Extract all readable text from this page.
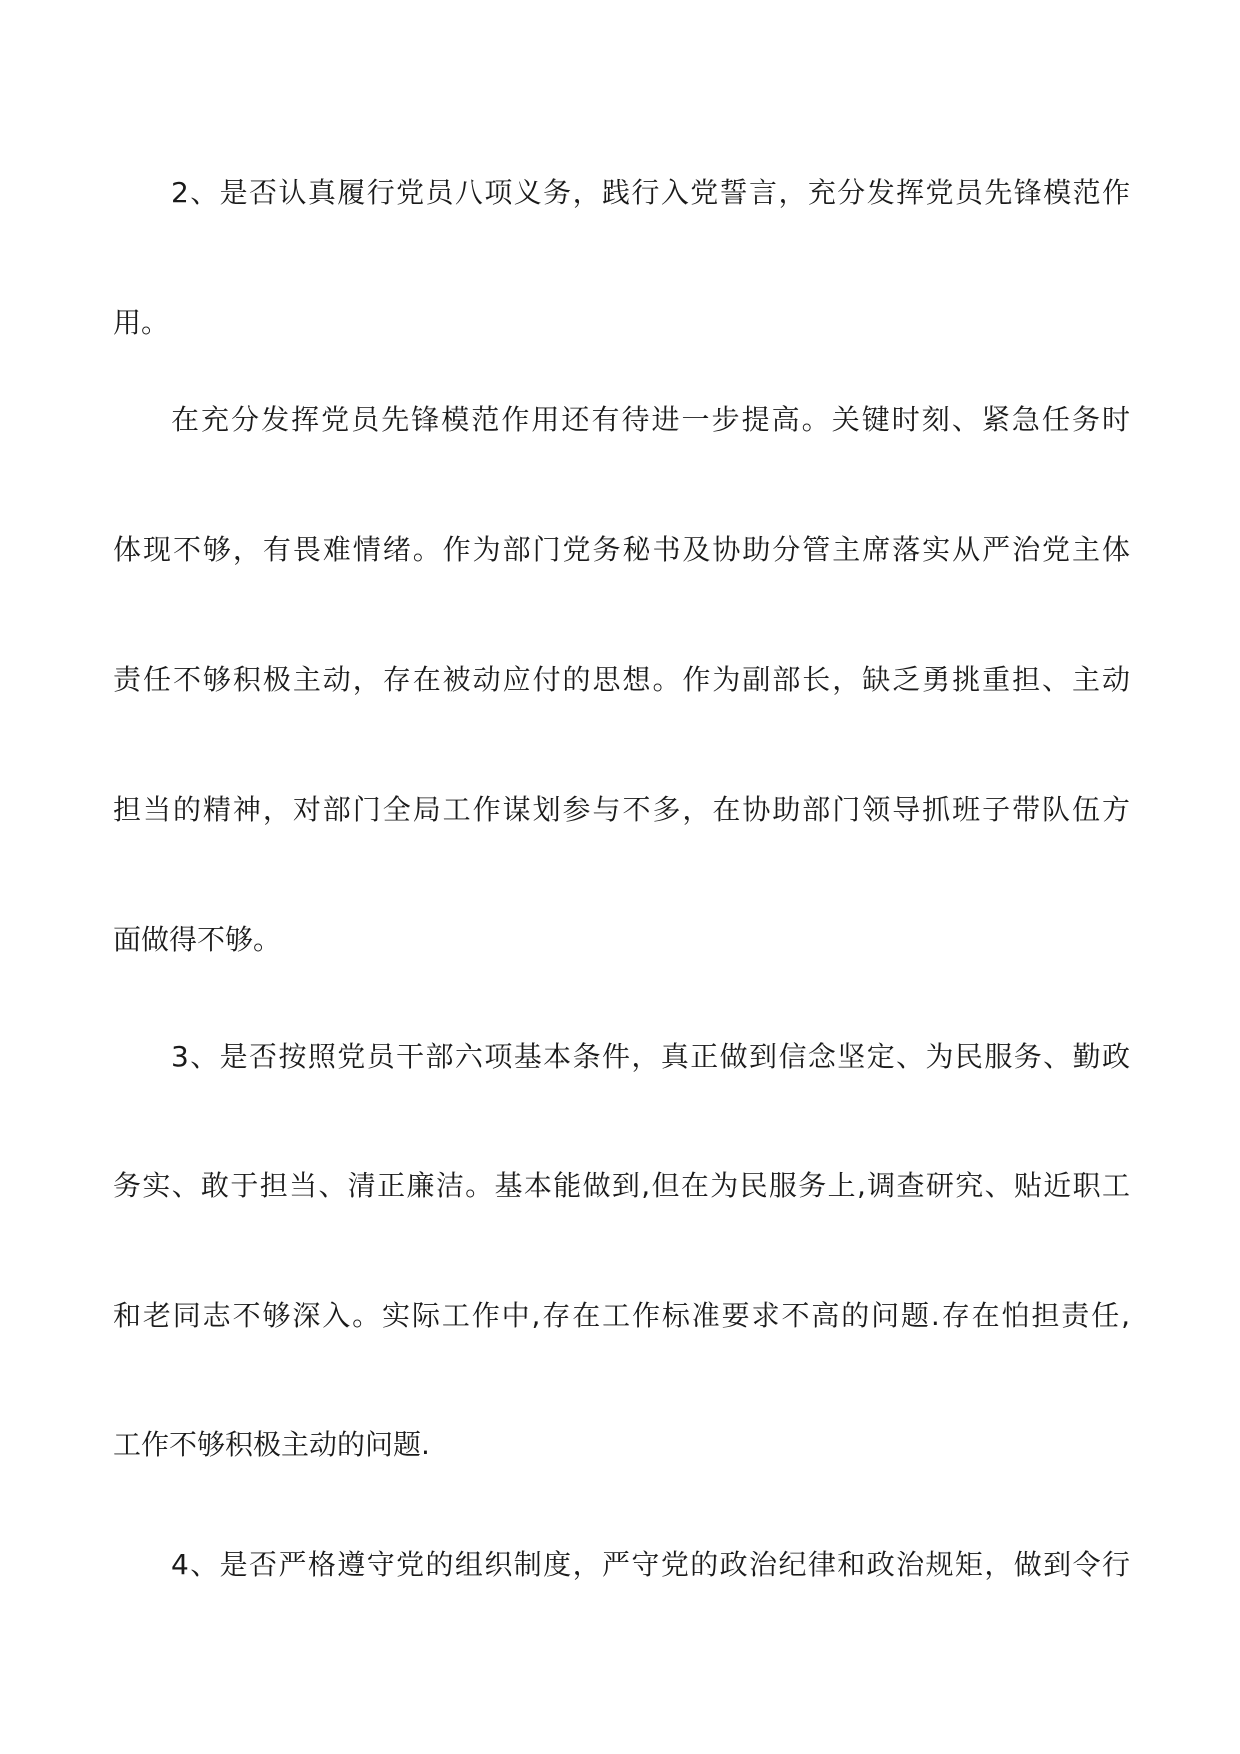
2、是否认真履行党员八项义务，践行入党誓言，充分发挥党员先锋模范作

用。

在充分发挥党员先锋模范作用还有待进一步提高。关键时刻、紧急任务时

体现不够，有畏难情绪。作为部门党务秘书及协助分管主席落实从严治党主体

责任不够积极主动，存在被动应付的思想。作为副部长，缺乏勇挑重担、主动

担当的精神，对部门全局工作谋划参与不多，在协助部门领导抓班子带队伍方

面做得不够。

3、是否按照党员干部六项基本条件，真正做到信念坚定、为民服务、勤政

务实、敢于担当、清正廉洁。基本能做到,但在为民服务上,调查研究、贴近职工

和老同志不够深入。实际工作中,存在工作标准要求不高的问题.存在怕担责任,

工作不够积极主动的问题.

4、是否严格遵守党的组织制度，严守党的政治纪律和政治规矩，做到令行
